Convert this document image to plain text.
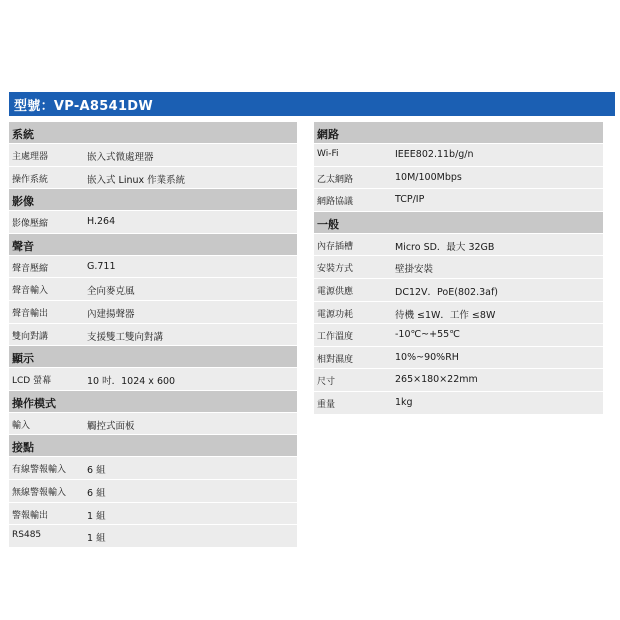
型號：VP-A8541DW
系統
主處理器	嵌入式微處理器
操作系統	嵌入式 Linux 作業系統
影像
影像壓縮	H.264
聲音
聲音壓縮	G.711
聲音輸入	全向麥克風
聲音輸出	內建揚聲器
雙向對講	支援雙工雙向對講
顯示
LCD 螢幕	10 吋．1024 x 600
操作模式
輸入	觸控式面板
接點
有線警報輸入 6 組
無線警報輸入 6 組
警報輸出	1 組
RS485	1 組
網路
Wi-Fi	IEEE802.11b/g/n
乙太網路	10M/100Mbps
網路協議	TCP/IP
一般
內存插槽	Micro SD．最大 32GB
安裝方式	壁掛安裝
電源供應	DC12V．PoE(802.3af)
電源功耗	待機 ≤1W．工作 ≤8W
工作溫度	-10℃~+55℃
相對濕度	10%~90%RH
尺寸	265×180×22mm
重量	1kg
